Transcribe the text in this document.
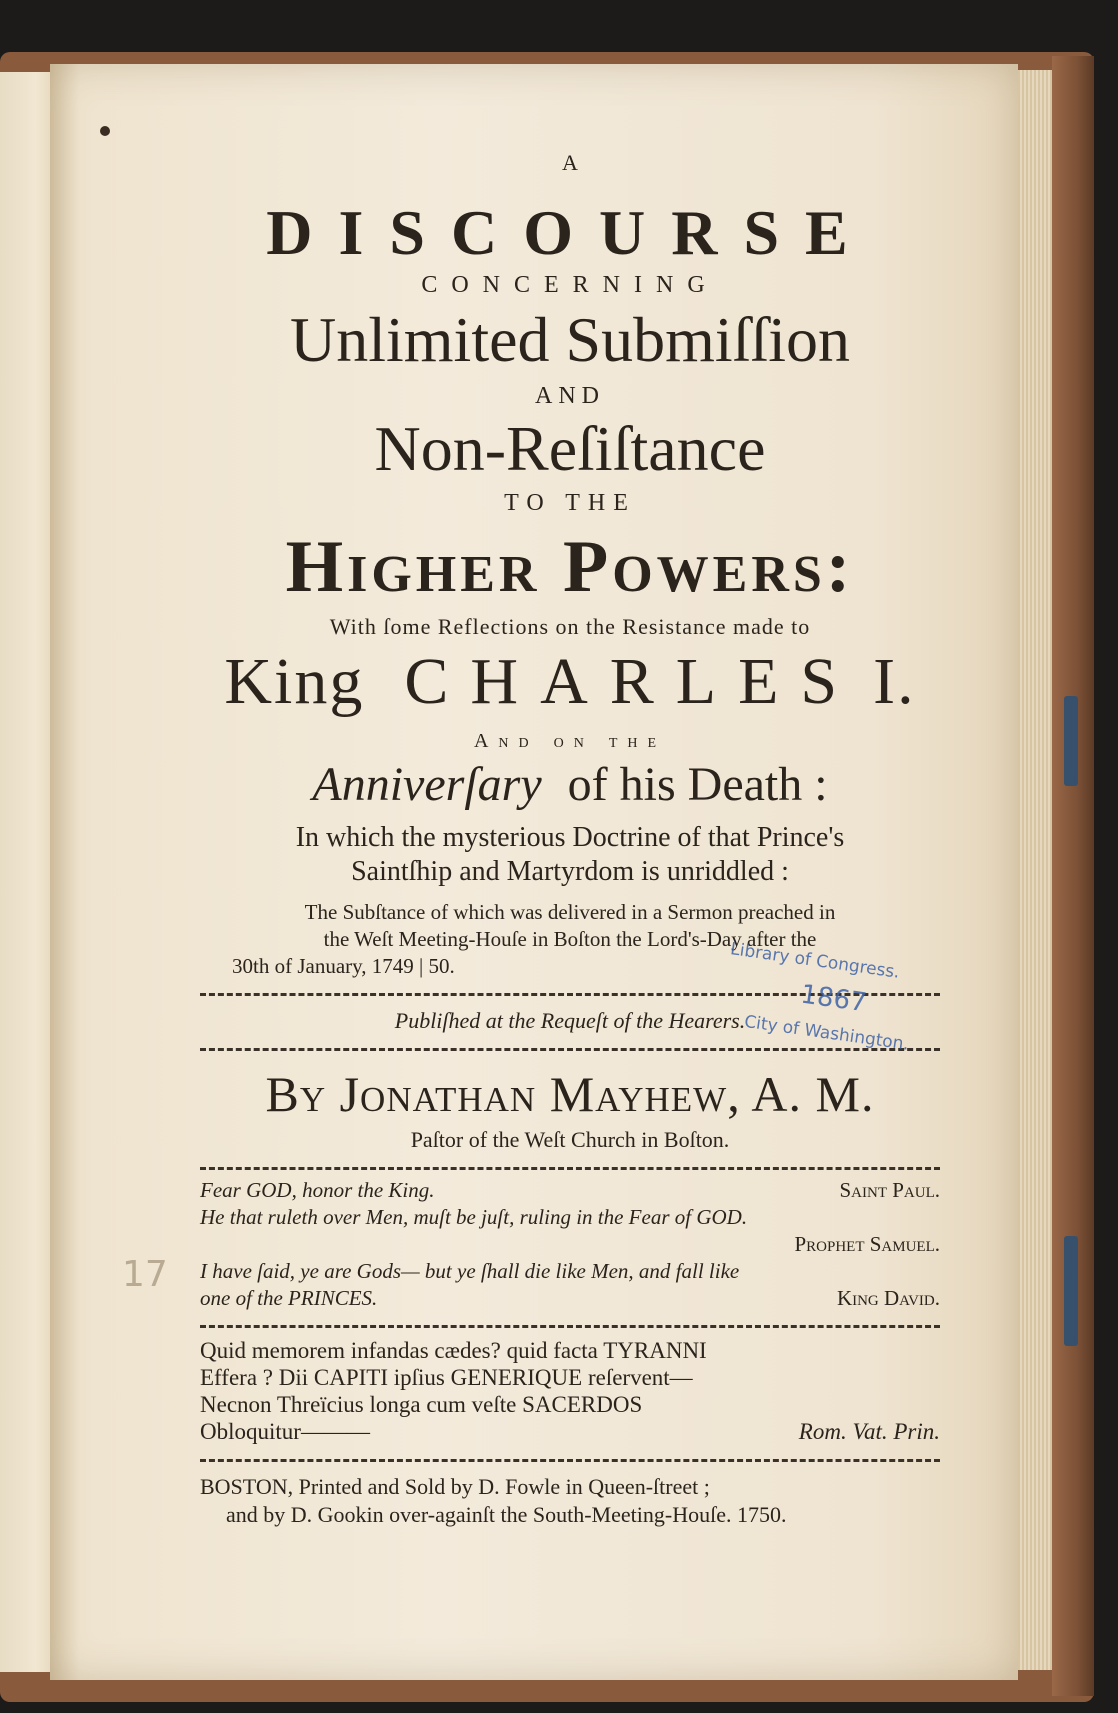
A
DISCOURSE
CONCERNING
Unlimited Submiſſion
AND
Non-Reſiſtance
TO THE
Higher Powers:
With ſome Reflections on the Resistance made to
King CHARLES I.
And on the
Anniverſary of his Death :
In which the mysterious Doctrine of that Prince's
Saintſhip and Martyrdom is unriddled :
The Subſtance of which was delivered in a Sermon preached in
the Weſt Meeting-Houſe in Boſton the Lord's-Day after the
30th of January, 1749 | 50.
Publiſhed at the Requeſt of the Hearers.
By Jonathan Mayhew, A. M.
Paſtor of the Weſt Church in Boſton.
Fear GOD, honor the King.	Saint Paul.
He that ruleth over Men, muſt be juſt, ruling in the Fear of GOD.
Prophet Samuel.
I have ſaid, ye are Gods— but ye ſhall die like Men, and fall like
one of the PRINCES.	King David.
Quid memorem infandas cædes? quid facta TYRANNI
Effera ? Dii CAPITI ipſius GENERIQUE reſervent—
Necnon Threïcius longa cum veſte SACERDOS
Obloquitur———	Rom. Vat. Prin.
BOSTON, Printed and Sold by D. Fowle in Queen-ſtreet ;
and by D. Gookin over-againſt the South-Meeting-Houſe. 1750.
Library of Congress.
1867
City of Washington.
17
